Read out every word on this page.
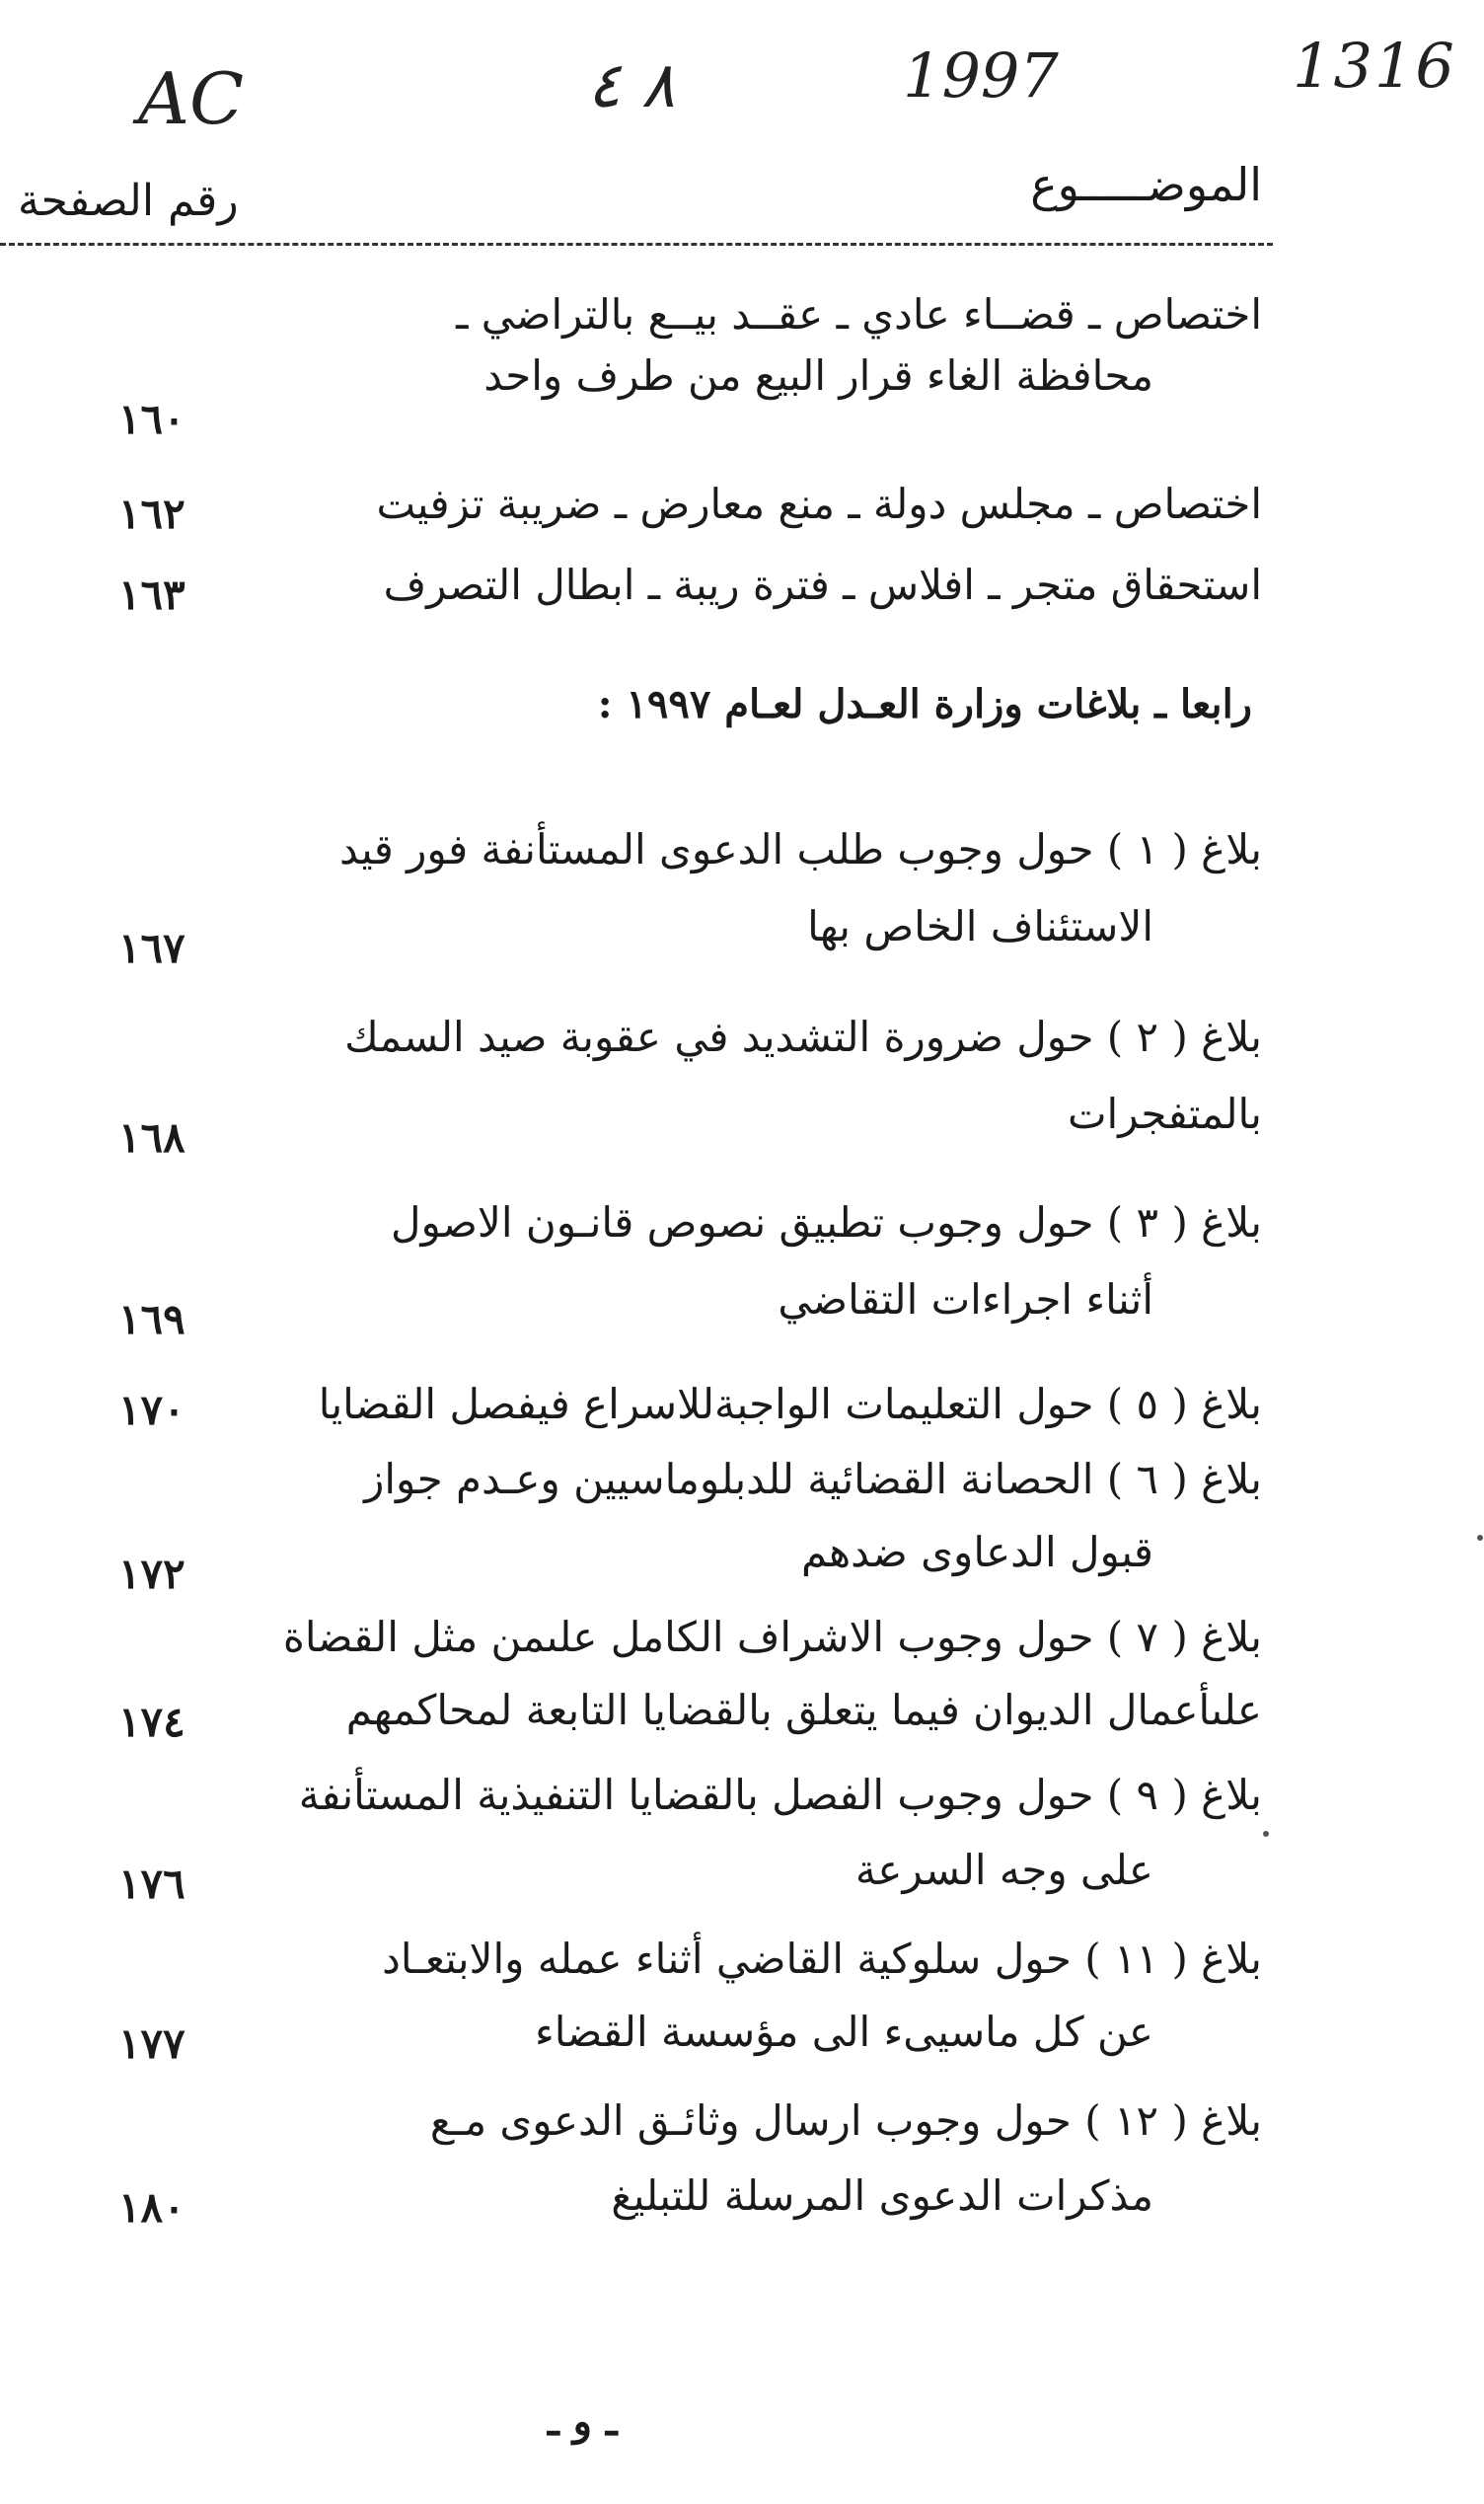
1316
1997
٨ ٤
AC
الموضـــــوع
رقم الصفحة
اختصاص ـ قضــاء عادي ـ عقــد بيــع بالتراضي ـ
محافظة الغاء قرار البيع من طرف واحد
١٦٠
اختصاص ـ مجلس دولة ـ منع معارض ـ ضريبة تزفيت
١٦٢
استحقاق متجر ـ افلاس ـ فترة ريبة ـ ابطال التصرف
١٦٣
رابعا ـ بلاغات وزارة العـدل لعـام ١٩٩٧ :
بلاغ ( ١ ) حول وجوب طلب الدعوى المستأنفة فور قيد
الاستئناف الخاص بها
١٦٧
بلاغ ( ٢ ) حول ضرورة التشديد في عقوبة صيد السمك
بالمتفجرات
١٦٨
بلاغ ( ٣ ) حول وجوب تطبيق نصوص قانـون الاصول
أثناء اجراءات التقاضي
١٦٩
بلاغ ( ٥ ) حول التعليمات الواجبةللاسراع فيفصل القضايا
١٧٠
بلاغ ( ٦ ) الحصانة القضائية للدبلوماسيين وعـدم جواز
قبول الدعاوى ضدهم
١٧٢
بلاغ ( ٧ ) حول وجوب الاشراف الكامل علىمن مثل القضاة
علىأعمال الديوان فيما يتعلق بالقضايا التابعة لمحاكمهم
١٧٤
بلاغ ( ٩ ) حول وجوب الفصل بالقضايا التنفيذية المستأنفة
على وجه السرعة
١٧٦
بلاغ ( ١١ ) حول سلوكية القاضي أثناء عمله والابتعـاد
عن كل ماسيىء الى مؤسسة القضاء
١٧٧
بلاغ ( ١٢ ) حول وجوب ارسال وثائـق الدعوى مـع
مذكرات الدعوى المرسلة للتبليغ
١٨٠
ـ و ـ
